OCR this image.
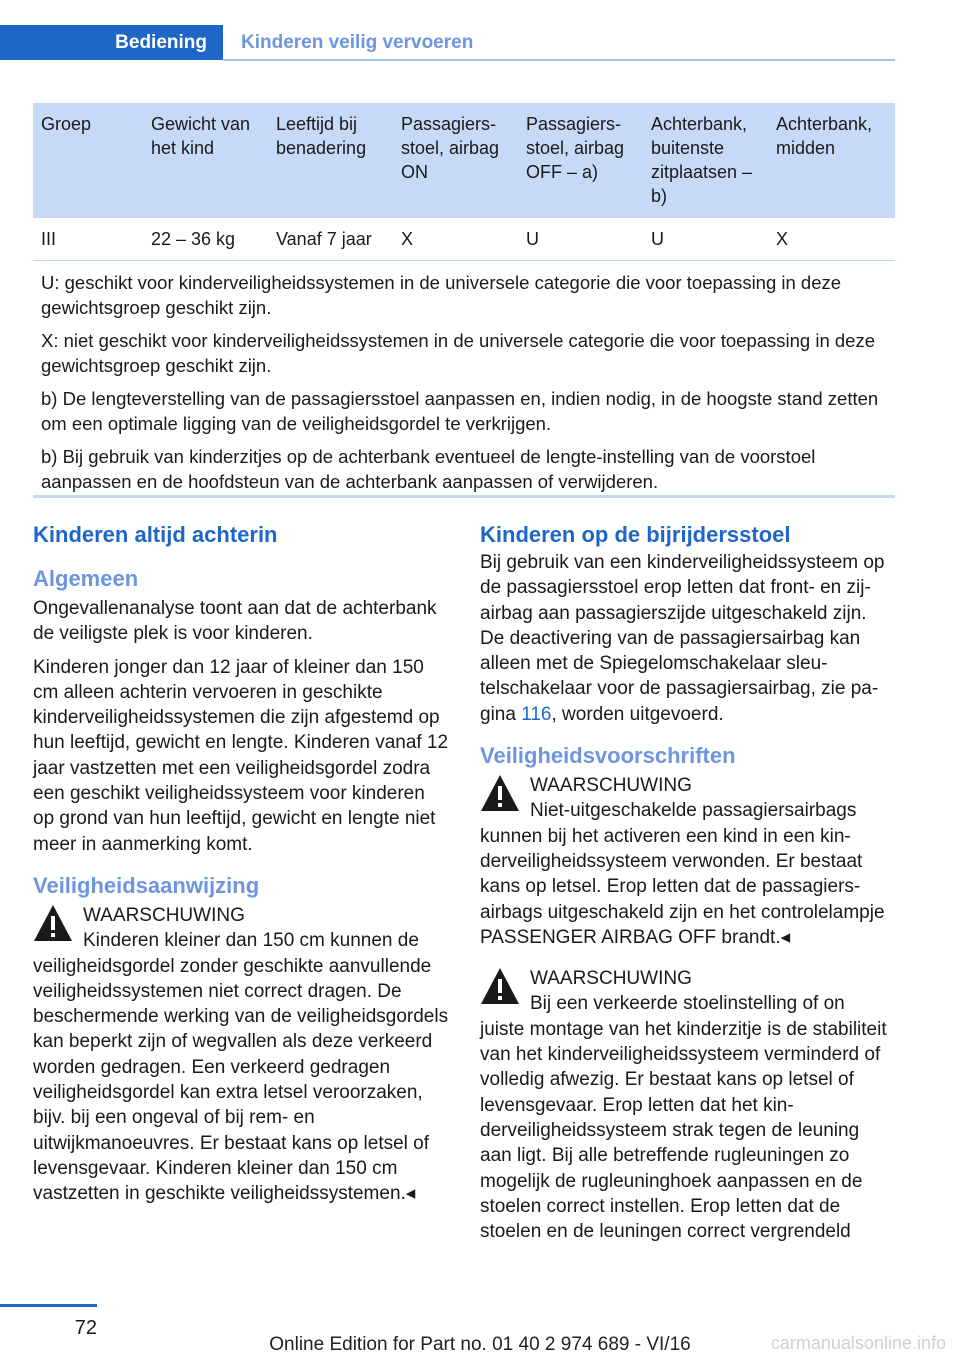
Bediening	Kinderen veilig vervoeren
Groep	Gewicht van het kind	Leeftijd bij benadering	Passagiersstoel, airbag ON	Passagiersstoel, airbag OFF – a)	Achterbank, buitenste zitplaatsen – b)	Achterbank, midden
III	22 – 36 kg	Vanaf 7 jaar	X	U	U	X

U: geschikt voor kinderveiligheidssystemen in de universele categorie die voor toepassing in deze gewichtsgroep geschikt zijn.

X: niet geschikt voor kinderveiligheidssystemen in de universele categorie die voor toepassing in deze gewichtsgroep geschikt zijn.

b) De lengteverstelling van de passagiersstoel aanpassen en, indien nodig, in de hoogste stand zetten om een optimale ligging van de veiligheidsgordel te verkrijgen.

b) Bij gebruik van kinderzitjes op de achterbank eventueel de lengte-instelling van de voorstoel aanpassen en de hoofdsteun van de achterbank aanpassen of verwijderen.						

Kinderen altijd achterin
Algemeen

Ongevallenanalyse toont aan dat de achterbank de veiligste plek is voor kinderen.

Kinderen jonger dan 12 jaar of kleiner dan 150 cm alleen achterin vervoeren in geschikte kinderveiligheidssystemen die zijn afgestemd op hun leeftijd, gewicht en lengte. Kinderen vanaf 12 jaar vastzetten met een veiligheidsgordel zodra een geschikt veiligheidssysteem voor kinderen op grond van hun leeftijd, gewicht en lengte niet meer in aanmerking komt.

Veiligheidsaanwijzing
WAARSCHUWING
Kinderen kleiner dan 150 cm kunnen de
veiligheidsgordel zonder geschikte aanvullende veiligheidssystemen niet correct dragen. De beschermende werking van de veiligheidsgordels kan beperkt zijn of wegvallen als deze verkeerd worden gedragen. Een verkeerd gedragen veiligheidsgordel kan extra letsel veroorzaken, bijv. bij een ongeval of bij rem- en uitwijkmanoeuvres. Er bestaat kans op letsel of levensgevaar. Kinderen kleiner dan 150 cm vastzetten in geschikte veiligheidssystemen.◂
Kinderen op de bijrijdersstoel

Bij gebruik van een kinderveiligheidssysteem op de passagiersstoel erop letten dat front- en zij-airbag aan passagierszijde uitgeschakeld zijn. De deactivering van de passagiersairbag kan alleen met de Spiegelomschakelaar sleutelschakelaar voor de passagiersairbag, zie pagina 116, worden uitgevoerd.

Veiligheidsvoorschriften
WAARSCHUWING
Niet-uitgeschakelde passagiersairbags
kunnen bij het activeren een kind in een kinderveiligheidssysteem verwonden. Er bestaat kans op letsel. Erop letten dat de passagiersairbags uitgeschakeld zijn en het controlelampje PASSENGER AIRBAG OFF brandt.◂
WAARSCHUWING
Bij een verkeerde stoelinstelling of on
juiste montage van het kinderzitje is de stabiliteit van het kinderveiligheidssysteem verminderd of volledig afwezig. Er bestaat kans op letsel of levensgevaar. Erop letten dat het kinderveiligheidssysteem strak tegen de leuning aan ligt. Bij alle betreffende rugleuningen zo mogelijk de rugleuninghoek aanpassen en de stoelen correct instellen. Erop letten dat de stoelen en de leuningen correct vergrendeld
72
Online Edition for Part no. 01 40 2 974 689 - VI/16	carmanualsonline.info
